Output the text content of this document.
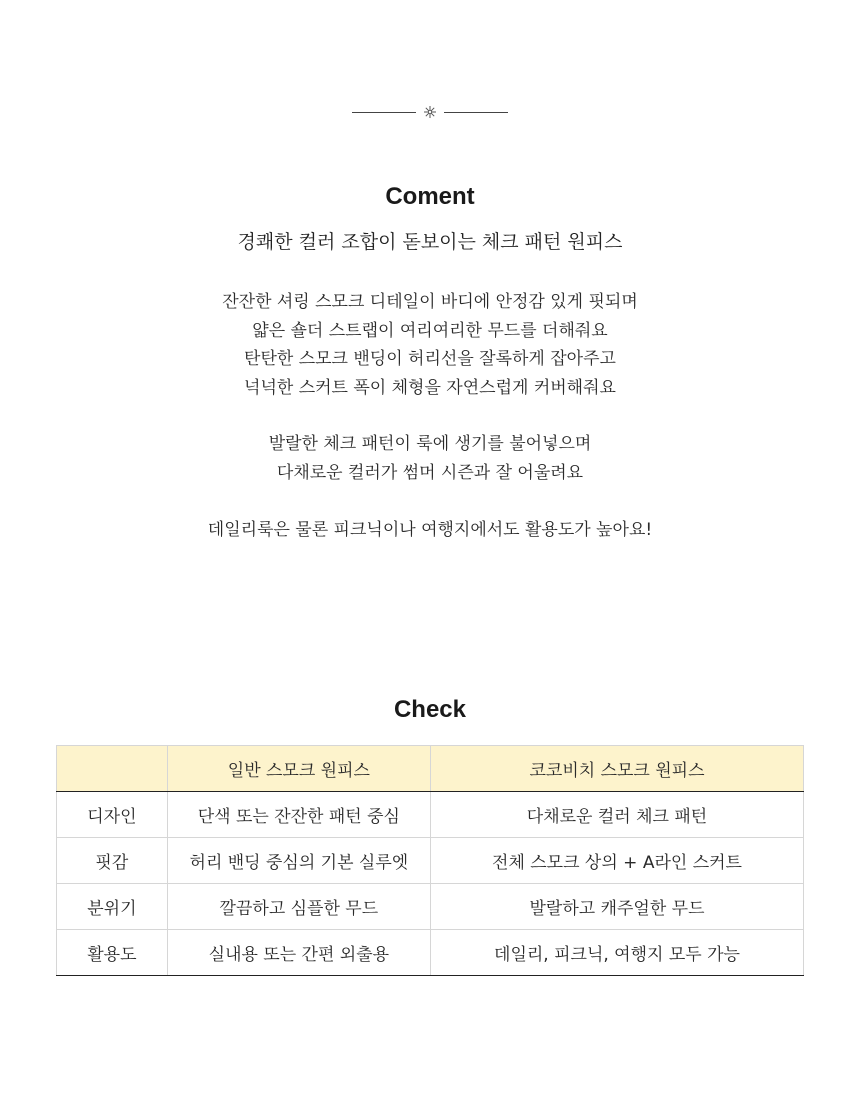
Coment

경쾌한 컬러 조합이 돋보이는 체크 패턴 원피스

잔잔한 셔링 스모크 디테일이 바디에 안정감 있게 핏되며
얇은 숄더 스트랩이 여리여리한 무드를 더해줘요
탄탄한 스모크 밴딩이 허리선을 잘록하게 잡아주고
넉넉한 스커트 폭이 체형을 자연스럽게 커버해줘요

발랄한 체크 패턴이 룩에 생기를 불어넣으며
다채로운 컬러가 썸머 시즌과 잘 어울려요

데일리룩은 물론 피크닉이나 여행지에서도 활용도가 높아요!

Check
	일반 스모크 원피스	코코비치 스모크 원피스
디자인	단색 또는 잔잔한 패턴 중심	다채로운 컬러 체크 패턴
핏감	허리 밴딩 중심의 기본 실루엣	전체 스모크 상의 + A라인 스커트
분위기	깔끔하고 심플한 무드	발랄하고 캐주얼한 무드
활용도	실내용 또는 간편 외출용	데일리, 피크닉, 여행지 모두 가능
